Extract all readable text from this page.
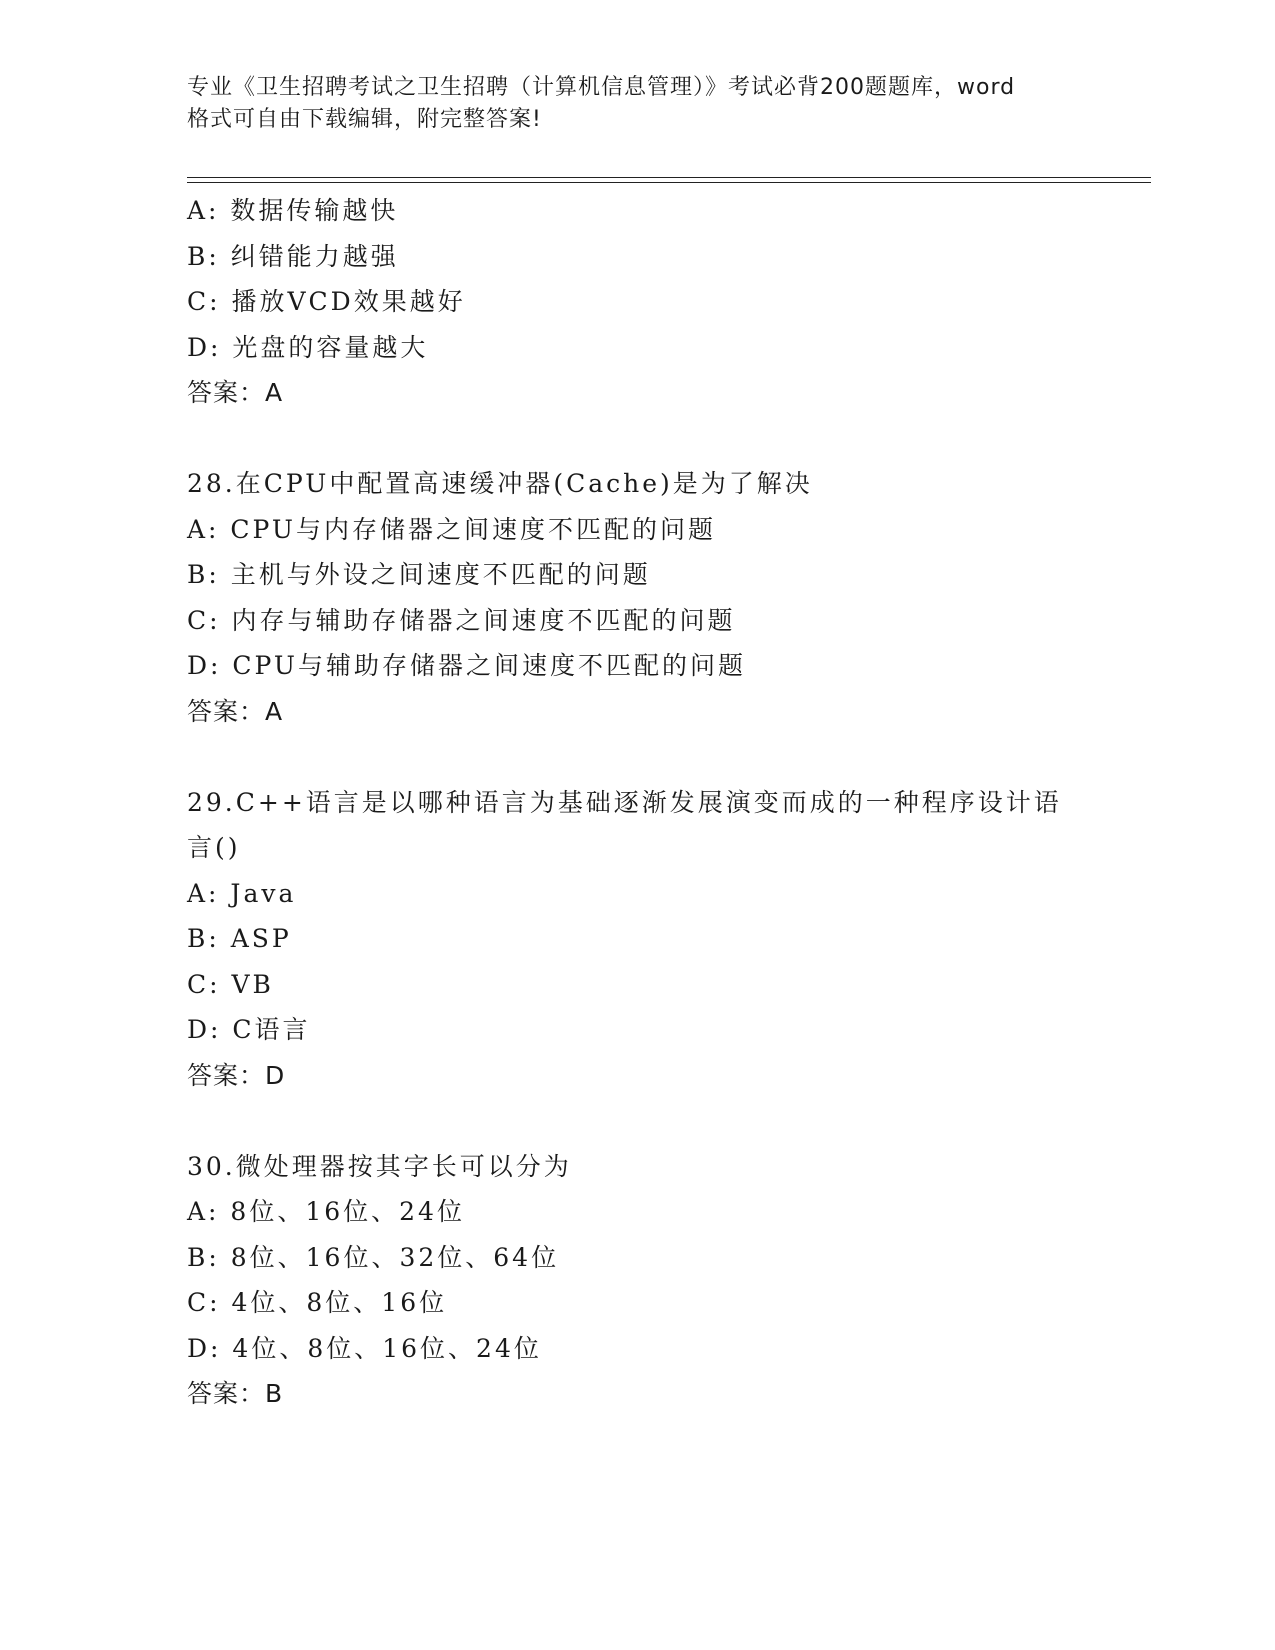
专业《卫生招聘考试之卫生招聘（计算机信息管理）》考试必背200题题库，word
格式可自由下载编辑，附完整答案!
A: 数据传输越快
B: 纠错能力越强
C: 播放VCD效果越好
D: 光盘的容量越大
答案：A
28.在CPU中配置高速缓冲器(Cache)是为了解决
A: CPU与内存储器之间速度不匹配的问题
B: 主机与外设之间速度不匹配的问题
C: 内存与辅助存储器之间速度不匹配的问题
D: CPU与辅助存储器之间速度不匹配的问题
答案：A
29.C++语言是以哪种语言为基础逐渐发展演变而成的一种程序设计语
言()
A: Java
B: ASP
C: VB
D: C语言
答案：D
30.微处理器按其字长可以分为
A: 8位、16位、24位
B: 8位、16位、32位、64位
C: 4位、8位、16位
D: 4位、8位、16位、24位
答案：B
